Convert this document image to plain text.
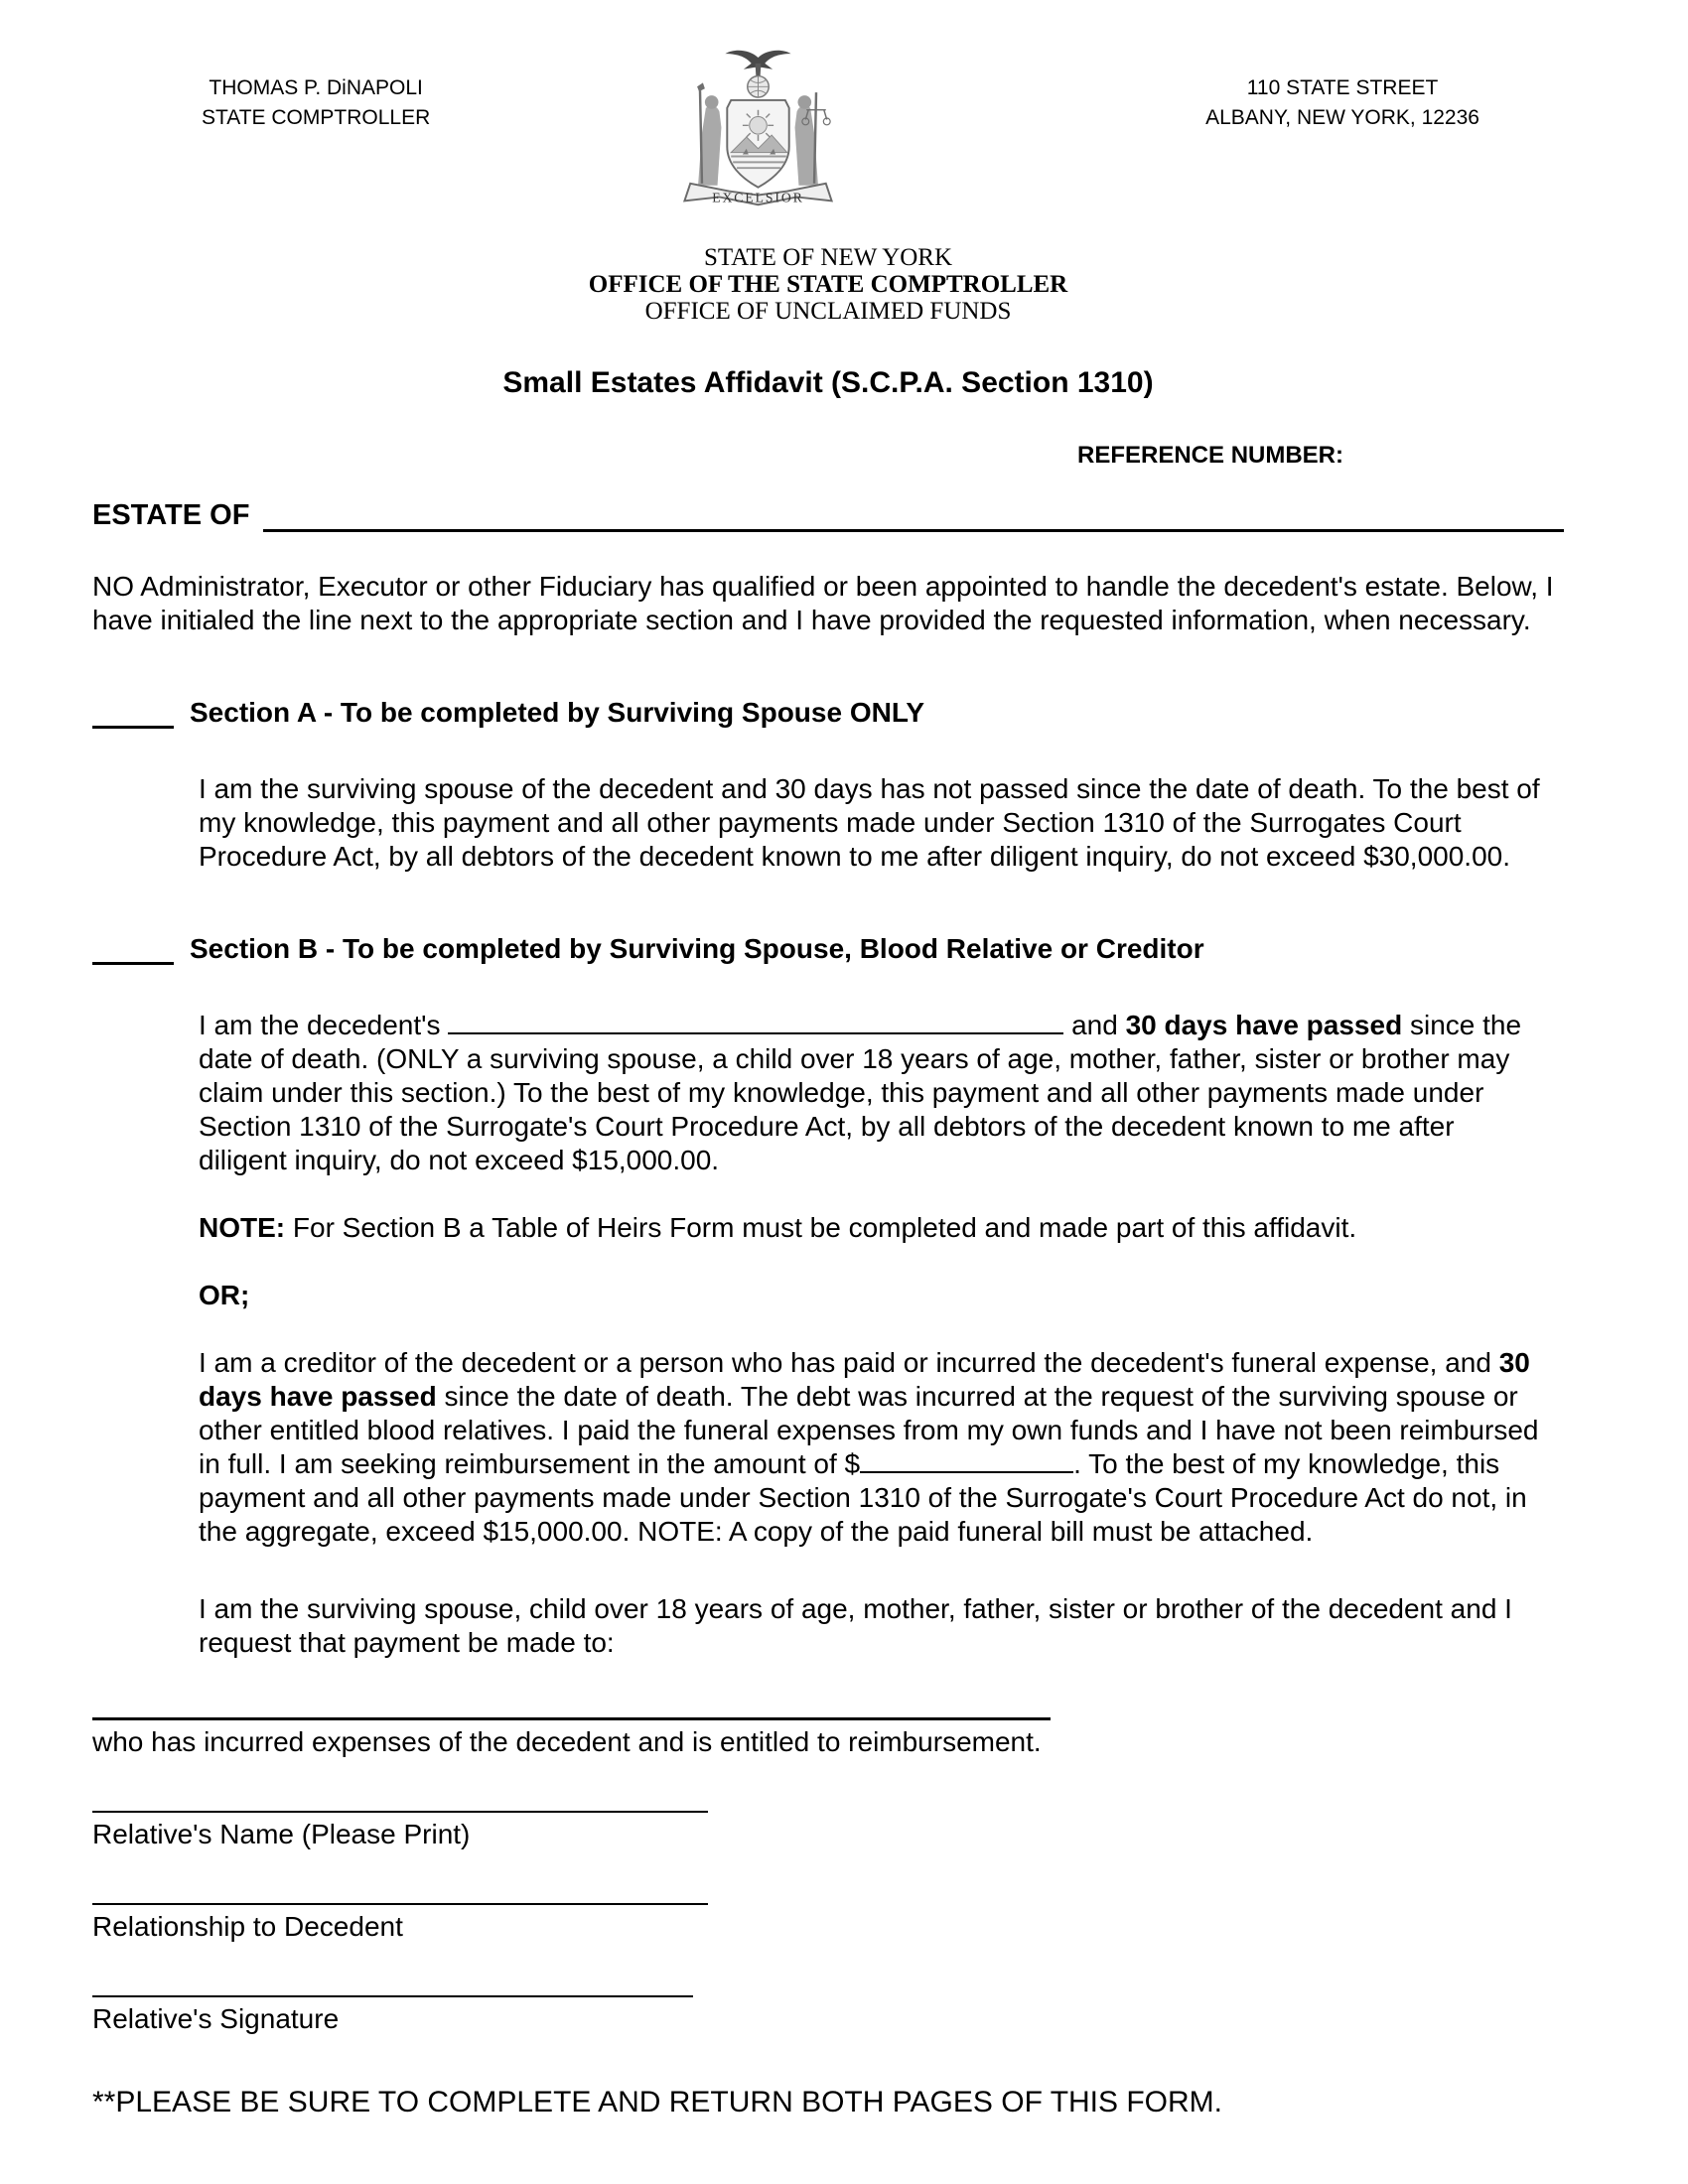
THOMAS P. DiNAPOLI
STATE COMPTROLLER
EXCELSIOR
110 STATE STREET
ALBANY, NEW YORK, 12236
STATE OF NEW YORK
OFFICE OF THE STATE COMPTROLLER
OFFICE OF UNCLAIMED FUNDS
Small Estates Affidavit (S.C.P.A. Section 1310)
REFERENCE NUMBER:
ESTATE OF

NO Administrator, Executor or other Fiduciary has qualified or been appointed to handle the decedent's estate. Below, I have initialed the line next to the appropriate section and I have provided the requested information, when necessary.

Section A - To be completed by Surviving Spouse ONLY

I am the surviving spouse of the decedent and 30 days has not passed since the date of death. To the best of my knowledge, this payment and all other payments made under Section 1310 of the Surrogates Court Procedure Act, by all debtors of the decedent known to me after diligent inquiry, do not exceed $30,000.00.

Section B - To be completed by Surviving Spouse, Blood Relative or Creditor

I am the decedent's	and 30 days have passed since the date of death. (ONLY a surviving spouse, a child over 18 years of age, mother, father, sister or brother may claim under this section.) To the best of my knowledge, this payment and all other payments made under Section 1310 of the Surrogate's Court Procedure Act, by all debtors of the decedent known to me after diligent inquiry, do not exceed $15,000.00.

NOTE: For Section B a Table of Heirs Form must be completed and made part of this affidavit.

OR;

I am a creditor of the decedent or a person who has paid or incurred the decedent's funeral expense, and 30 days have passed since the date of death. The debt was incurred at the request of the surviving spouse or other entitled blood relatives. I paid the funeral expenses from my own funds and I have not been reimbursed in full. I am seeking reimbursement in the amount of $	. To the best of my knowledge, this payment and all other payments made under Section 1310 of the Surrogate's Court Procedure Act do not, in the aggregate, exceed $15,000.00. NOTE: A copy of the paid funeral bill must be attached.

I am the surviving spouse, child over 18 years of age, mother, father, sister or brother of the decedent and I request that payment be made to:

who has incurred expenses of the decedent and is entitled to reimbursement.
Relative's Name (Please Print)
Relationship to Decedent
Relative's Signature

**PLEASE BE SURE TO COMPLETE AND RETURN BOTH PAGES OF THIS FORM.
